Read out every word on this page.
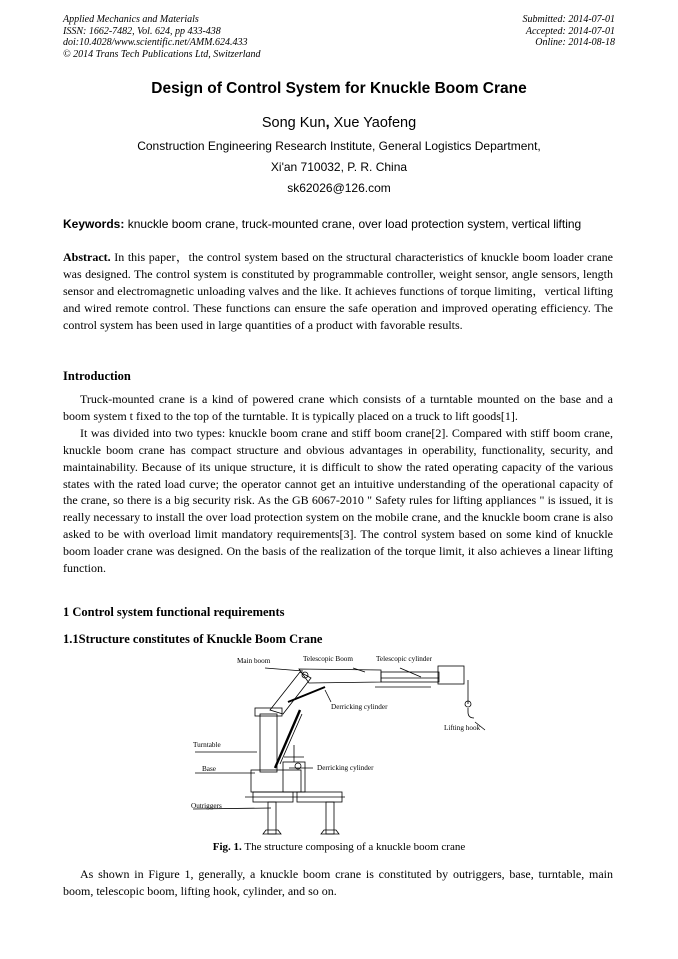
Applied Mechanics and Materials
ISSN: 1662-7482, Vol. 624, pp 433-438
doi:10.4028/www.scientific.net/AMM.624.433
© 2014 Trans Tech Publications Ltd, Switzerland
Submitted: 2014-07-01
Accepted: 2014-07-01
Online: 2014-08-18
Design of Control System for Knuckle Boom Crane
Song Kun, Xue Yaofeng
Construction Engineering Research Institute, General Logistics Department,
Xi'an 710032, P. R. China
sk62026@126.com
Keywords: knuckle boom crane, truck-mounted crane, over load protection system, vertical lifting
Abstract. In this paper，the control system based on the structural characteristics of knuckle boom loader crane was designed. The control system is constituted by programmable controller, weight sensor, angle sensors, length sensor and electromagnetic unloading valves and the like. It achieves functions of torque limiting，vertical lifting and wired remote control. These functions can ensure the safe operation and improved operating efficiency. The control system has been used in large quantities of a product with favorable results.
Introduction
Truck-mounted crane is a kind of powered crane which consists of a turntable mounted on the base and a boom system t fixed to the top of the turntable. It is typically placed on a truck to lift goods[1].
It was divided into two types: knuckle boom crane and stiff boom crane[2]. Compared with stiff boom crane, knuckle boom crane has compact structure and obvious advantages in operability, functionality, security, and maintainability. Because of its unique structure, it is difficult to show the rated operating capacity of the various states with the rated load curve; the operator cannot get an intuitive understanding of the operational capacity of the crane, so there is a big security risk. As the GB 6067-2010 " Safety rules for lifting appliances " is issued, it is really necessary to install the over load protection system on the mobile crane, and the knuckle boom crane is also asked to be with overload limit mandatory requirements[3]. The control system based on some kind of knuckle boom loader crane was designed. On the basis of the realization of the torque limit, it also achieves a linear lifting function.
1 Control system functional requirements
1.1Structure constitutes of Knuckle Boom Crane
Main boom	Telescopic Boom	Telescopic cylinder
Derricking cylinder
Lifting hook
Turntable
Base	Derricking cylinder
Outriggers
Fig. 1. The structure composing of a knuckle boom crane
As shown in Figure 1, generally, a knuckle boom crane is constituted by outriggers, base, turntable, main boom, telescopic boom, lifting hook, cylinder, and so on.
